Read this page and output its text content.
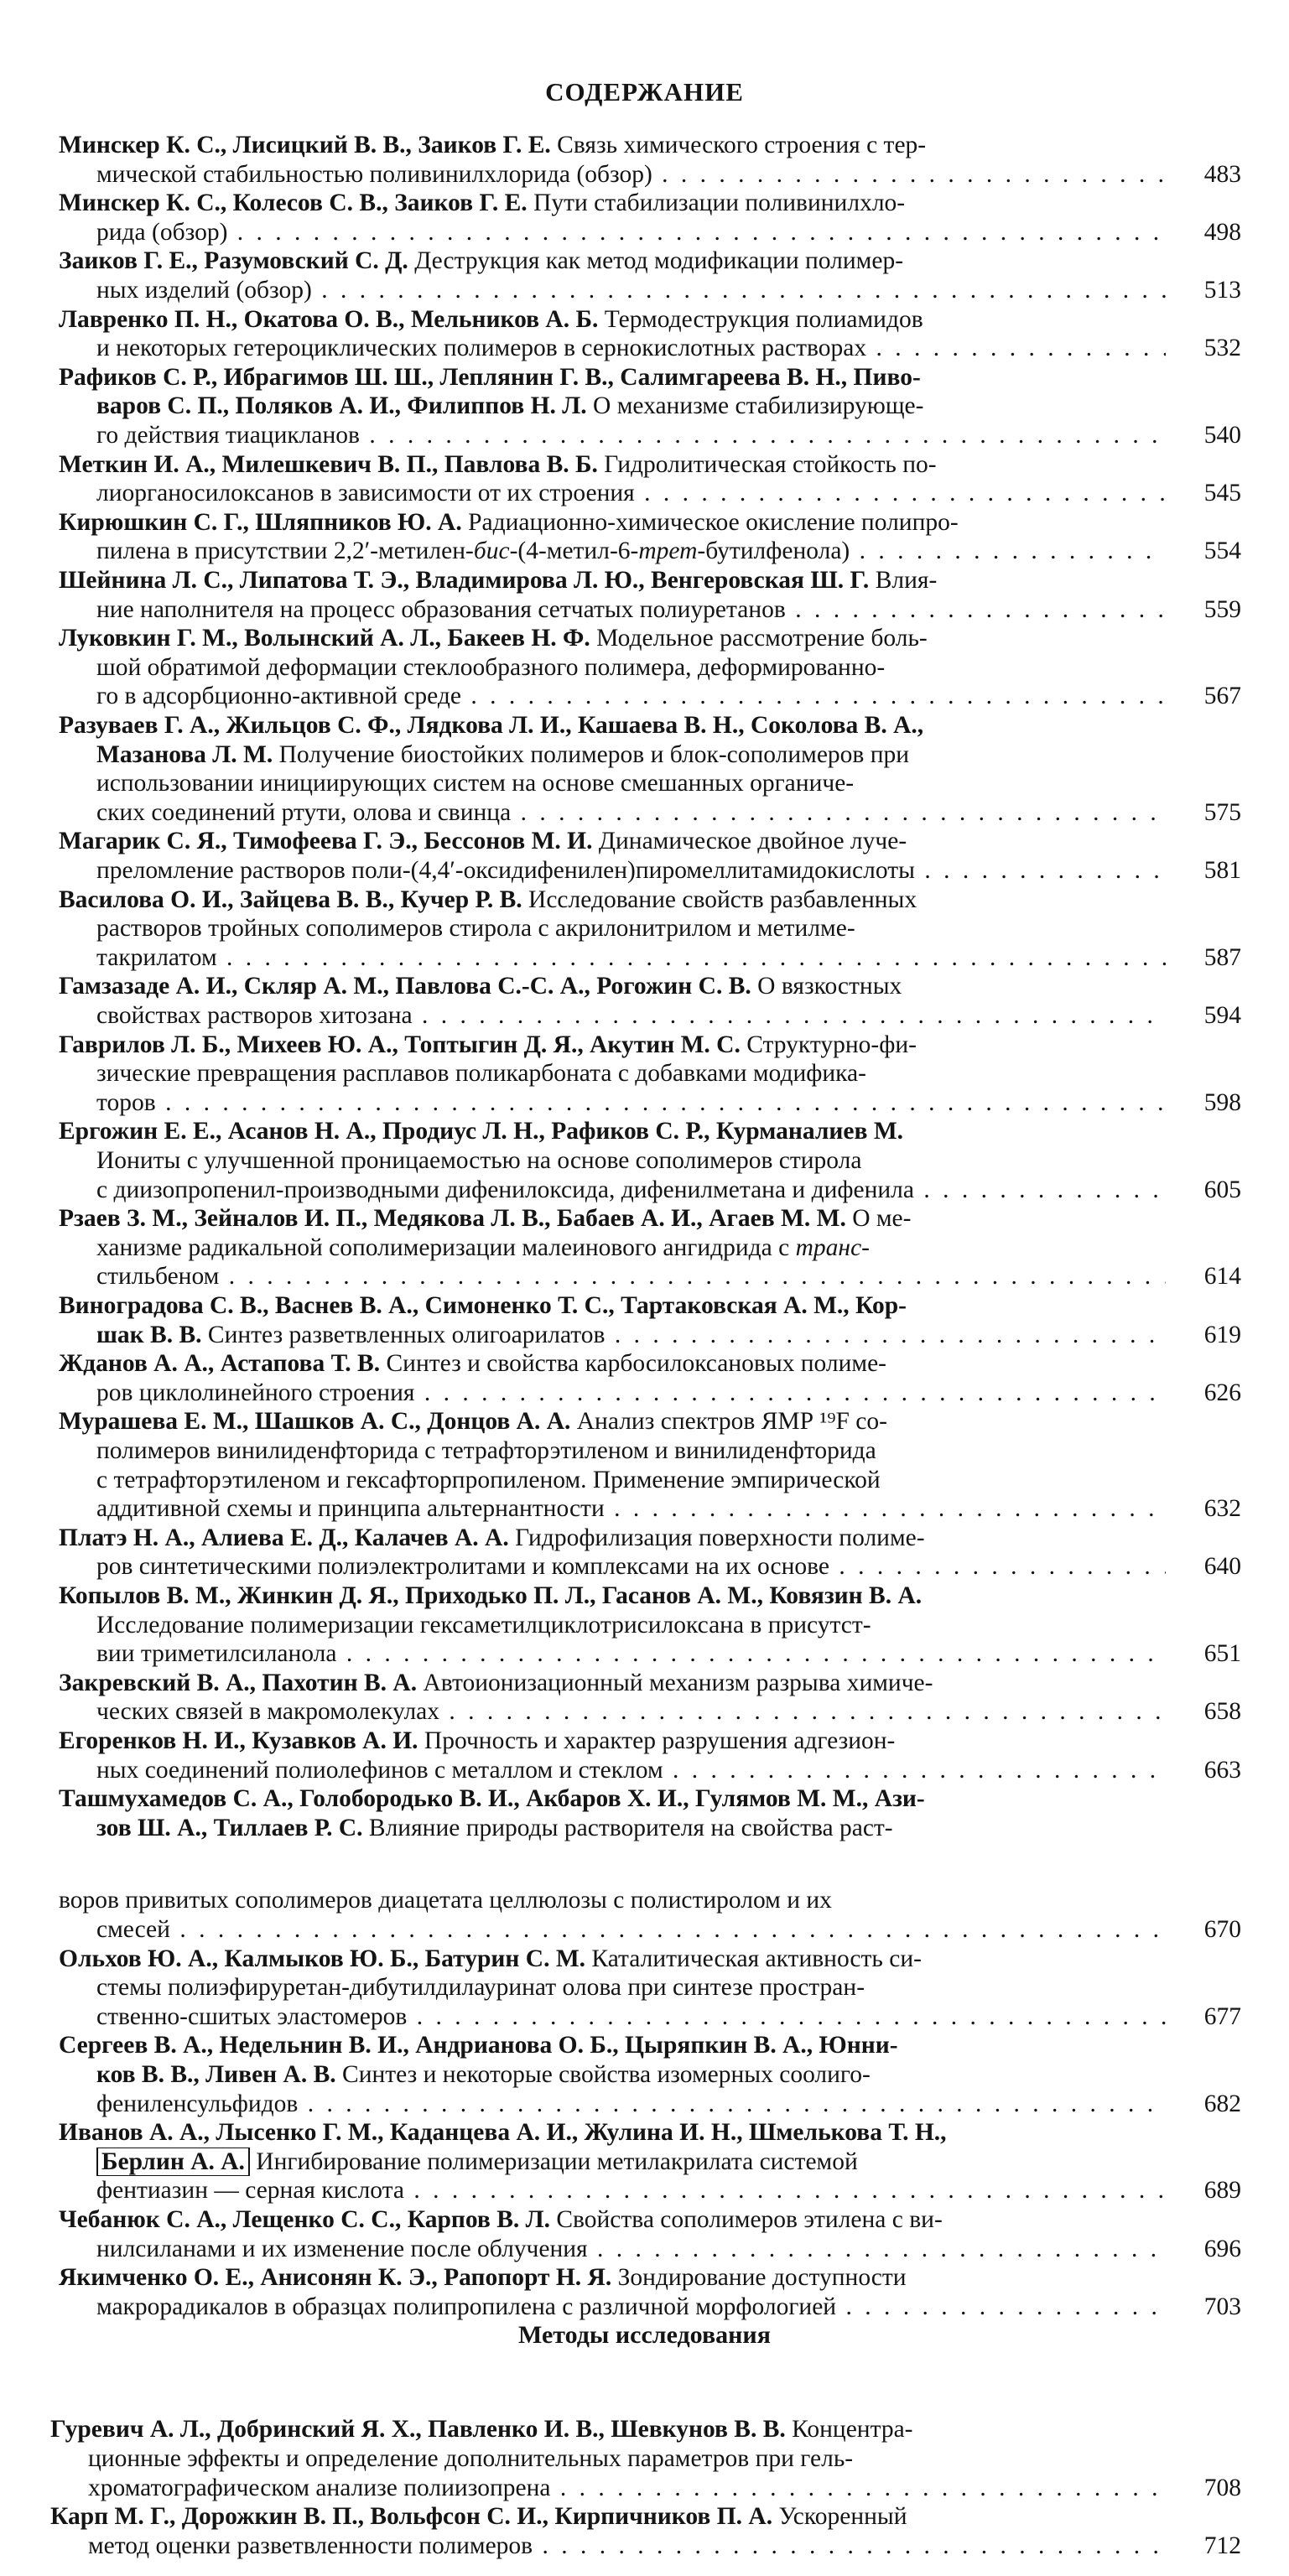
СОДЕРЖАНИЕ
Методы исследования
Минскер К. С., Лисицкий В. В., Заиков Г. Е. Связь химического строения с тер-
483
мической стабильностью поливинилхлорида (обзор) . . .
Минскер К. С., Колесов С. В., Заиков Г. Е. Пути стабилизации поливинилхло-
498
рида (обзор) . . .
Заиков Г. Е., Разумовский С. Д. Деструкция как метод модификации полимер-
513
ных изделий (обзор) . . .
Лавренко П. Н., Окатова О. В., Мельников А. Б. Термодеструкция полиамидов
532
и некоторых гетероциклических полимеров в сернокислотных растворах . . .
Рафиков С. Р., Ибрагимов Ш. Ш., Леплянин Г. В., Салимгареева В. Н., Пиво-
варов С. П., Поляков А. И., Филиппов Н. Л. О механизме стабилизирующе-
540
го действия тиацикланов . . .
Меткин И. А., Милешкевич В. П., Павлова В. Б. Гидролитическая стойкость по-
545
лиорганосилоксанов в зависимости от их строения . . .
Кирюшкин С. Г., Шляпников Ю. А. Радиационно-химическое окисление полипро-
554
пилена в присутствии 2,2′-метилен-бис-(4-метил-6-трет-бутилфенола) . . .
Шейнина Л. С., Липатова Т. Э., Владимирова Л. Ю., Венгеровская Ш. Г. Влия-
559
ние наполнителя на процесс образования сетчатых полиуретанов . . .
Луковкин Г. М., Волынский А. Л., Бакеев Н. Ф. Модельное рассмотрение боль-
шой обратимой деформации стеклообразного полимера, деформированно-
567
го в адсорбционно-активной среде . . .
Разуваев Г. А., Жильцов С. Ф., Лядкова Л. И., Кашаева В. Н., Соколова В. А.,
Мазанова Л. М. Получение биостойких полимеров и блок-сополимеров при
использовании инициирующих систем на основе смешанных органиче-
575
ских соединений ртути, олова и свинца . . .
Магарик С. Я., Тимофеева Г. Э., Бессонов М. И. Динамическое двойное луче-
581
преломление растворов поли-(4,4′-оксидифенилен)пиромеллитамидокислоты . . .
Василова О. И., Зайцева В. В., Кучер Р. В. Исследование свойств разбавленных
растворов тройных сополимеров стирола с акрилонитрилом и метилме-
587
такрилатом . . .
Гамзазаде А. И., Скляр А. М., Павлова С.-С. А., Рогожин С. В. О вязкостных
594
свойствах растворов хитозана . . .
Гаврилов Л. Б., Михеев Ю. А., Топтыгин Д. Я., Акутин М. С. Структурно-фи-
зические превращения расплавов поликарбоната с добавками модифика-
598
торов . . .
Ергожин Е. Е., Асанов Н. А., Продиус Л. Н., Рафиков С. Р., Курманалиев М.
Иониты с улучшенной проницаемостью на основе сополимеров стирола
605
с диизопропенил-производными дифенилоксида, дифенилметана и дифенила . . .
Рзаев З. М., Зейналов И. П., Медякова Л. В., Бабаев А. И., Агаев М. М. О ме-
ханизме радикальной сополимеризации малеинового ангидрида с транс-
614
стильбеном . . .
Виноградова С. В., Васнев В. А., Симоненко Т. С., Тартаковская А. М., Кор-
619
шак В. В. Синтез разветвленных олигоарилатов . . .
Жданов А. А., Астапова Т. В. Синтез и свойства карбосилоксановых полиме-
626
ров циклолинейного строения . . .
Мурашева Е. М., Шашков А. С., Донцов А. А. Анализ спектров ЯМР ¹⁹F со-
полимеров винилиденфторида с тетрафторэтиленом и винилиденфторида
с тетрафторэтиленом и гексафторпропиленом. Применение эмпирической
632
аддитивной схемы и принципа альтернантности . . .
Платэ Н. А., Алиева Е. Д., Калачев А. А. Гидрофилизация поверхности полиме-
640
ров синтетическими полиэлектролитами и комплексами на их основе . . .
Копылов В. М., Жинкин Д. Я., Приходько П. Л., Гасанов А. М., Ковязин В. А.
Исследование полимеризации гексаметилциклотрисилоксана в присутст-
651
вии триметилсиланола . . .
Закревский В. А., Пахотин В. А. Автоионизационный механизм разрыва химиче-
658
ческих связей в макромолекулах . . .
Егоренков Н. И., Кузавков А. И. Прочность и характер разрушения адгезион-
663
ных соединений полиолефинов с металлом и стеклом . . .
Ташмухамедов С. А., Голобородько В. И., Акбаров Х. И., Гулямов М. М., Ази-
зов Ш. А., Тиллаев Р. С. Влияние природы растворителя на свойства раст-
воров привитых сополимеров диацетата целлюлозы с полистиролом и их
670
смесей . . .
Ольхов Ю. А., Калмыков Ю. Б., Батурин С. М. Каталитическая активность си-
стемы полиэфируретан-дибутилдилауринат олова при синтезе простран-
677
ственно-сшитых эластомеров . . .
Сергеев В. А., Недельнин В. И., Андрианова О. Б., Цыряпкин В. А., Юнни-
ков В. В., Ливен А. В. Синтез и некоторые свойства изомерных соолиго-
682
фениленсульфидов . . .
Иванов А. А., Лысенко Г. М., Каданцева А. И., Жулина И. Н., Шмелькова Т. Н.,
Берлин А. А. Ингибирование полимеризации метилакрилата системой
689
фентиазин — серная кислота . . .
Чебанюк С. А., Лещенко С. С., Карпов В. Л. Свойства сополимеров этилена с ви-
696
нилсиланами и их изменение после облучения . . .
Якимченко О. Е., Анисонян К. Э., Рапопорт Н. Я. Зондирование доступности
703
макрорадикалов в образцах полипропилена с различной морфологией . . .
Гуревич А. Л., Добринский Я. Х., Павленко И. В., Шевкунов В. В. Концентра-
ционные эффекты и определение дополнительных параметров при гель-
708
хроматографическом анализе полиизопрена . . .
Карп М. Г., Дорожкин В. П., Вольфсон С. И., Кирпичников П. А. Ускоренный
712
метод оценки разветвленности полимеров . . .
